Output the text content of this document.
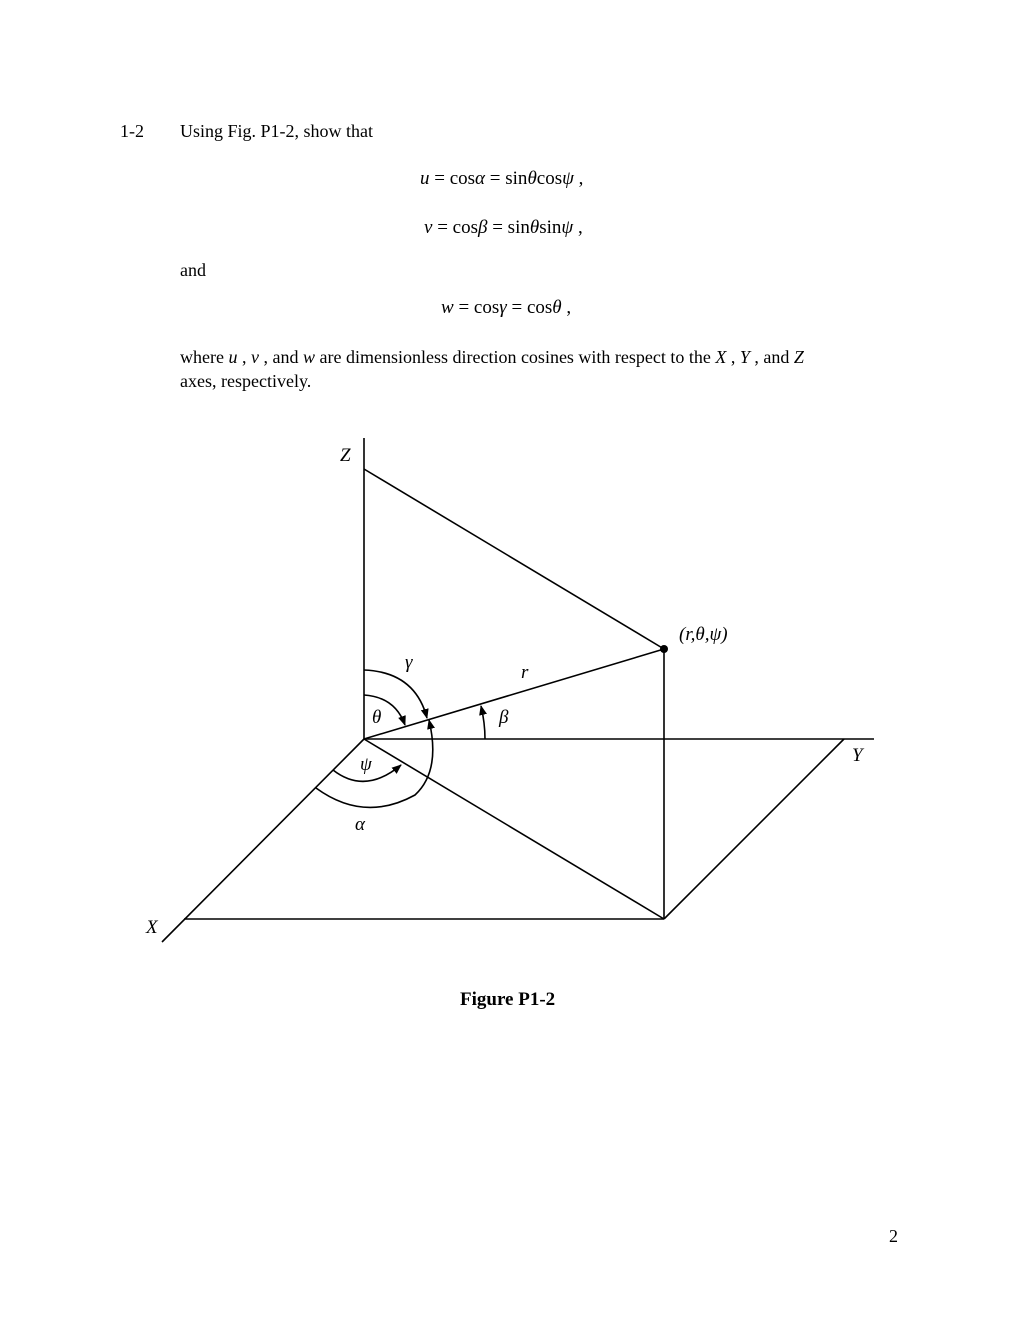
1-2 Using Fig. P1-2, show that
u = cosα = sinθcosψ ,
v = cosβ = sinθsinψ ,
and
w = cosγ = cosθ ,
where u , v , and w are dimensionless direction cosines with respect to the X , Y , and Z
axes, respectively.
Z
Y
X
(r,θ,ψ)
r
γ
θ	β
ψ
α
Figure P1-2
2
